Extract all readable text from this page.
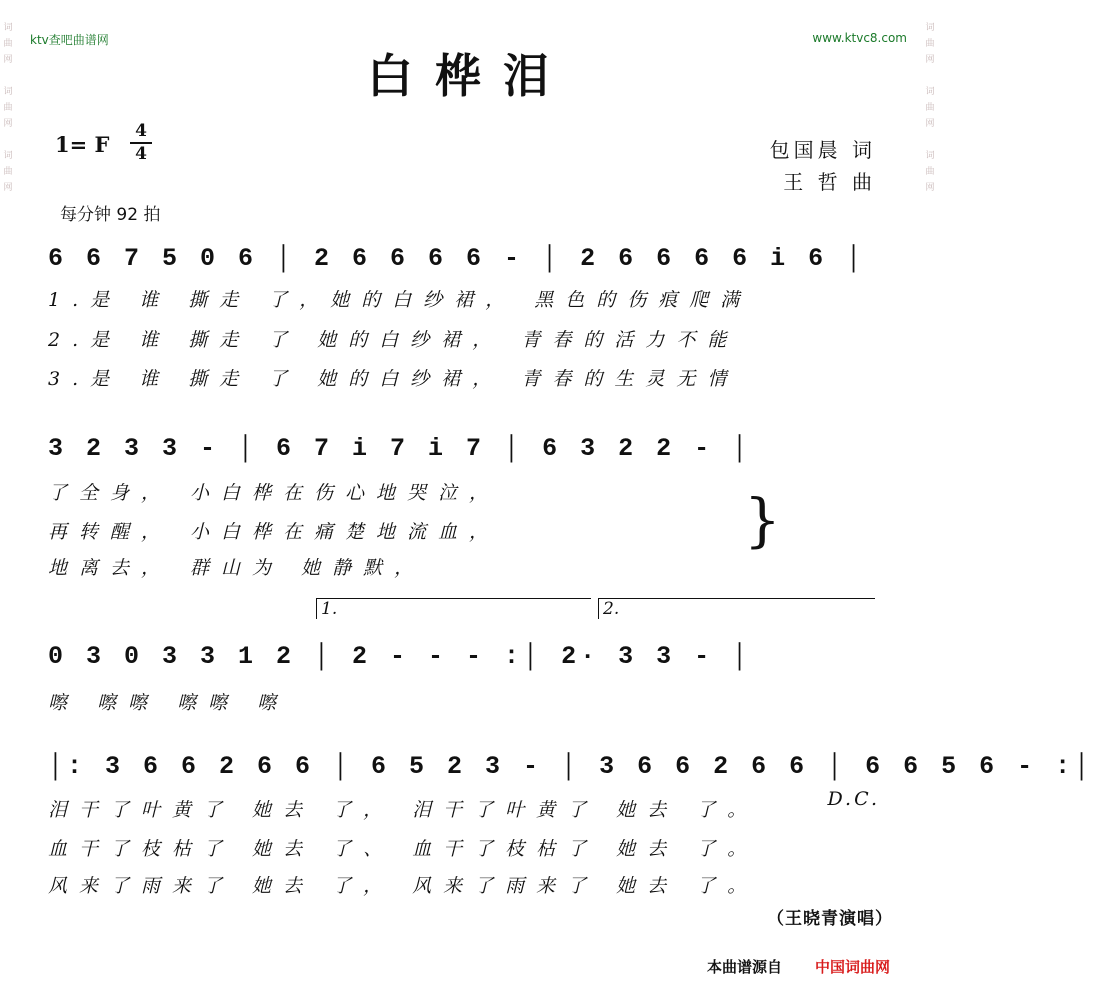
词曲网

词曲网

词曲网
词曲网

词曲网

词曲网
ktv查吧曲谱网	www.ktvc8.com
白桦泪
1= F
4
4	包国晨 词
王 哲 曲
每分钟 92 拍
6 6 7 5 0 6 │ 2 6 6 6 6 - │ 2 6 6 6 6 i 6 │
1.是 谁 撕走 了，她的白纱裙， 黑色的伤痕爬满
2.是 谁 撕走 了 她的白纱裙， 青春的活力不能
3.是 谁 撕走 了 她的白纱裙， 青春的生灵无情
3 2 3 3 - │ 6 7 i 7 i 7 │ 6 3 2 2 - │
了全身， 小白桦在伤心地哭泣，
再转醒， 小白桦在痛楚地流血，
地离去， 群山为 她静默，
}
1.	2.
0 3 0 3 3 1 2 │ 2 - - - :│ 2· 3 3 - │
嚓 嚓嚓 嚓嚓 嚓
│: 3 6 6 2 6 6 │ 6 5 2 3 - │ 3 6 6 2 6 6 │ 6 6 5 6 - :│
泪干了叶黄了 她去 了， 泪干了叶黄了 她去 了。
血干了枝枯了 她去 了、 血干了枝枯了 她去 了。
风来了雨来了 她去 了， 风来了雨来了 她去 了。
D.C.
（王晓青演唱）
本曲谱源自 中国词曲网
